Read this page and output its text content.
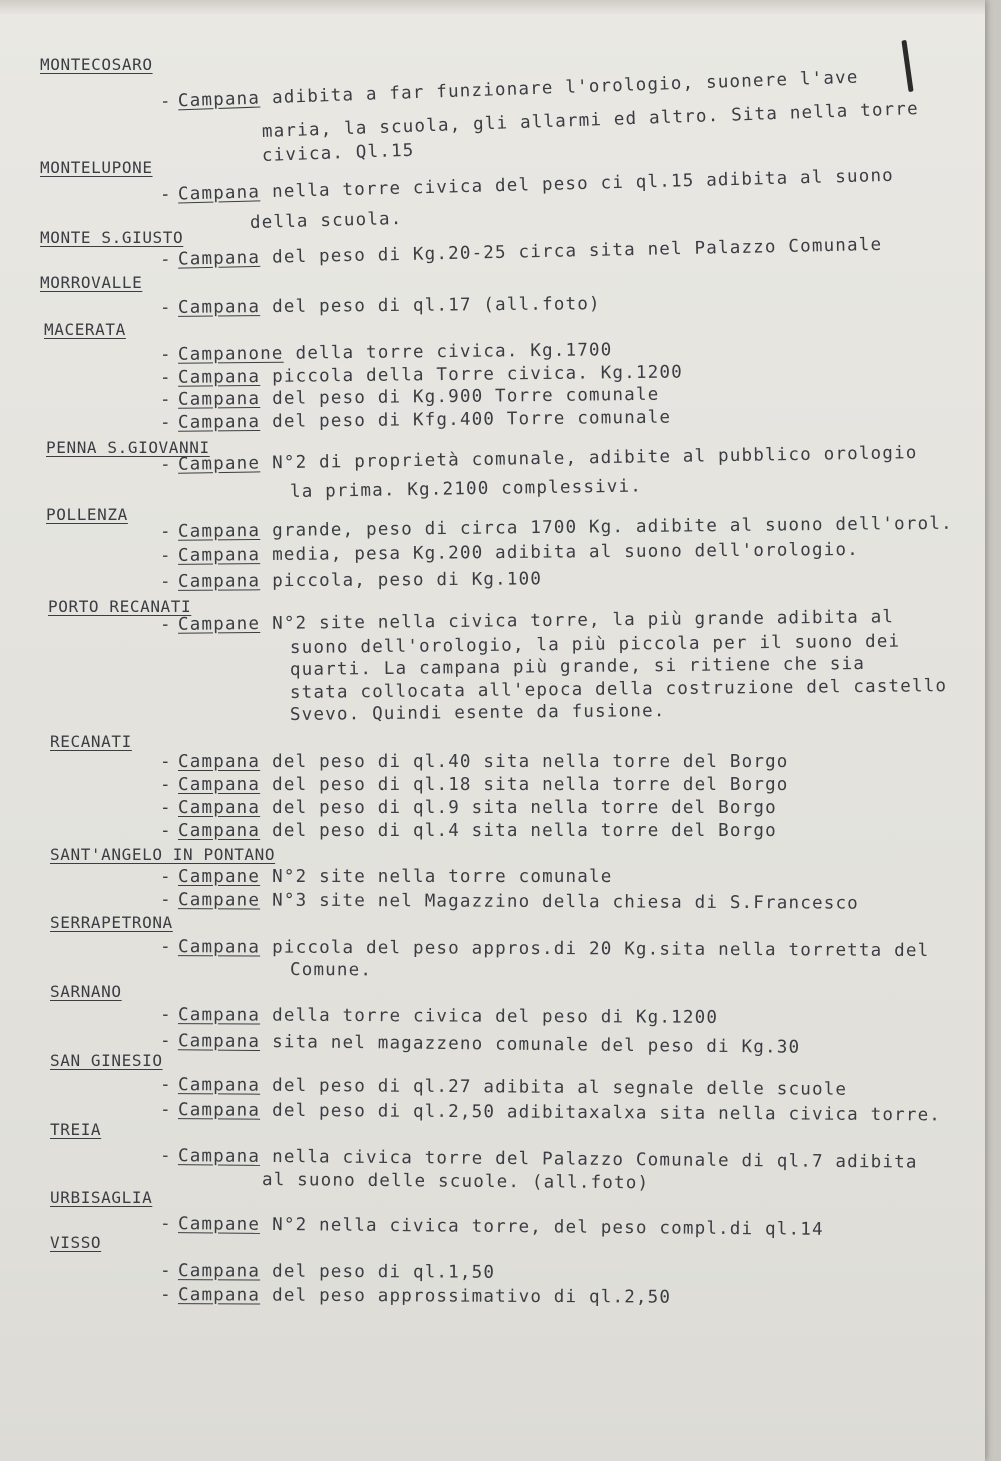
MONTECOSARO
- Campana adibita a far funzionare l'orologio, suonere l'ave
maria, la scuola, gli allarmi ed altro. Sita nella torre
civica. Ql.15
MONTELUPONE
- Campana nella torre civica del peso ci ql.15 adibita al suono
della scuola.
MONTE S.GIUSTO
- Campana del peso di Kg.20-25 circa sita nel Palazzo Comunale
MORROVALLE
- Campana del peso di ql.17 (all.foto)
MACERATA
- Campanone della torre civica. Kg.1700
- Campana piccola della Torre civica. Kg.1200
- Campana del peso di Kg.900 Torre comunale
- Campana del peso di Kfg.400 Torre comunale
PENNA S.GIOVANNI
- Campane N°2 di proprietà comunale, adibite al pubblico orologio
la prima. Kg.2100 complessivi.
POLLENZA
- Campana grande, peso di circa 1700 Kg. adibite al suono dell'orol.
- Campana media, pesa Kg.200 adibita al suono dell'orologio.
- Campana piccola, peso di Kg.100
PORTO RECANATI
- Campane N°2 site nella civica torre, la più grande adibita al
suono dell'orologio, la più piccola per il suono dei
quarti. La campana più grande, si ritiene che sia
stata collocata all'epoca della costruzione del castello
Svevo. Quindi esente da fusione.
RECANATI
- Campana del peso di ql.40 sita nella torre del Borgo
- Campana del peso di ql.18 sita nella torre del Borgo
- Campana del peso di ql.9 sita nella torre del Borgo
- Campana del peso di ql.4 sita nella torre del Borgo
SANT'ANGELO IN PONTANO
- Campane N°2 site nella torre comunale
- Campane N°3 site nel Magazzino della chiesa di S.Francesco
SERRAPETRONA
- Campana piccola del peso appros.di 20 Kg.sita nella torretta del
Comune.
SARNANO
- Campana della torre civica del peso di Kg.1200
- Campana sita nel magazzeno comunale del peso di Kg.30
SAN GINESIO
- Campana del peso di ql.27 adibita al segnale delle scuole
- Campana del peso di ql.2,50 adibitaxalxa sita nella civica torre.
TREIA
- Campana nella civica torre del Palazzo Comunale di ql.7 adibita
al suono delle scuole. (all.foto)
URBISAGLIA
- Campane N°2 nella civica torre, del peso compl.di ql.14
VISSO
- Campana del peso di ql.1,50
- Campana del peso approssimativo di ql.2,50
